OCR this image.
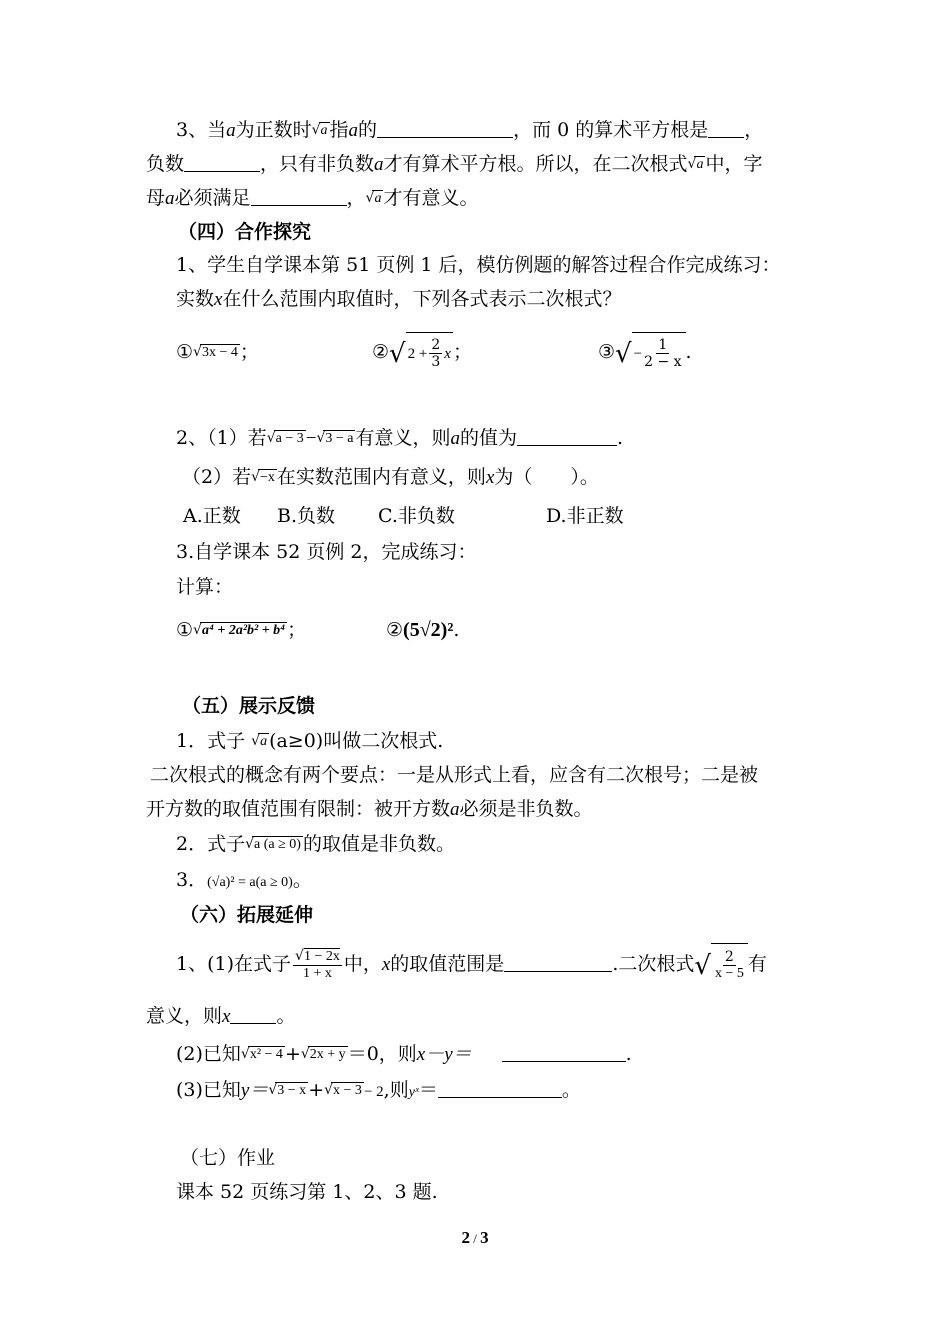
3、当a为正数时√a 指a的	，而 0 的算术平方根是 ，
负数	，只有非负数a才有算术平方根。所以，在二次根式√a 中，字
母a必须满足	，√a 才有意义。
（四）合作探究
1、学生自学课本第 51 页例 1 后，模仿例题的解答过程合作完成练习：
实数x在什么范围内取值时，下列各式表示二次根式？
①√3x − 4 ；	②√ $2 + \frac{2}{3}$ x ；	③√ − $\frac{1}{2 - x}$ .
2、（1）若√a − 3 −√3 − a 有意义，则a的值为	.
（2）若√−x 在实数范围内有意义，则x为（　　）。
A.正数 B.负数 C.非负数	D.非正数
3.自学课本 52 页例 2，完成练习：
计算：
①√a⁴ + 2a²b² + b⁴ ；	②(5√2)².
（五）展示反馈
1．式子 √a (a≥0)叫做二次根式.
二次根式的概念有两个要点：一是从形式上看，应含有二次根号；二是被
开方数的取值范围有限制：被开方数a必须是非负数。
2．式子√a (a ≥ 0) 的取值是非负数。
3．(√a)² = a(a ≥ 0)。
（六）拓展延伸
1、(1)在式子 $\frac{√1 - 2x}{1 + x}$ 中，x的取值范围是	.二次根式√ $\frac{2}{x - 5}$ 有
意义，则x 。
(2)已知√x² − 4 +√2x + y ＝0，则x－y＝	.
(3)已知y＝√3 − x +√x − 3 − 2,则yˣ＝	。
（七）作业
课本 52 页练习第 1、2、3 题.
2 / 3
